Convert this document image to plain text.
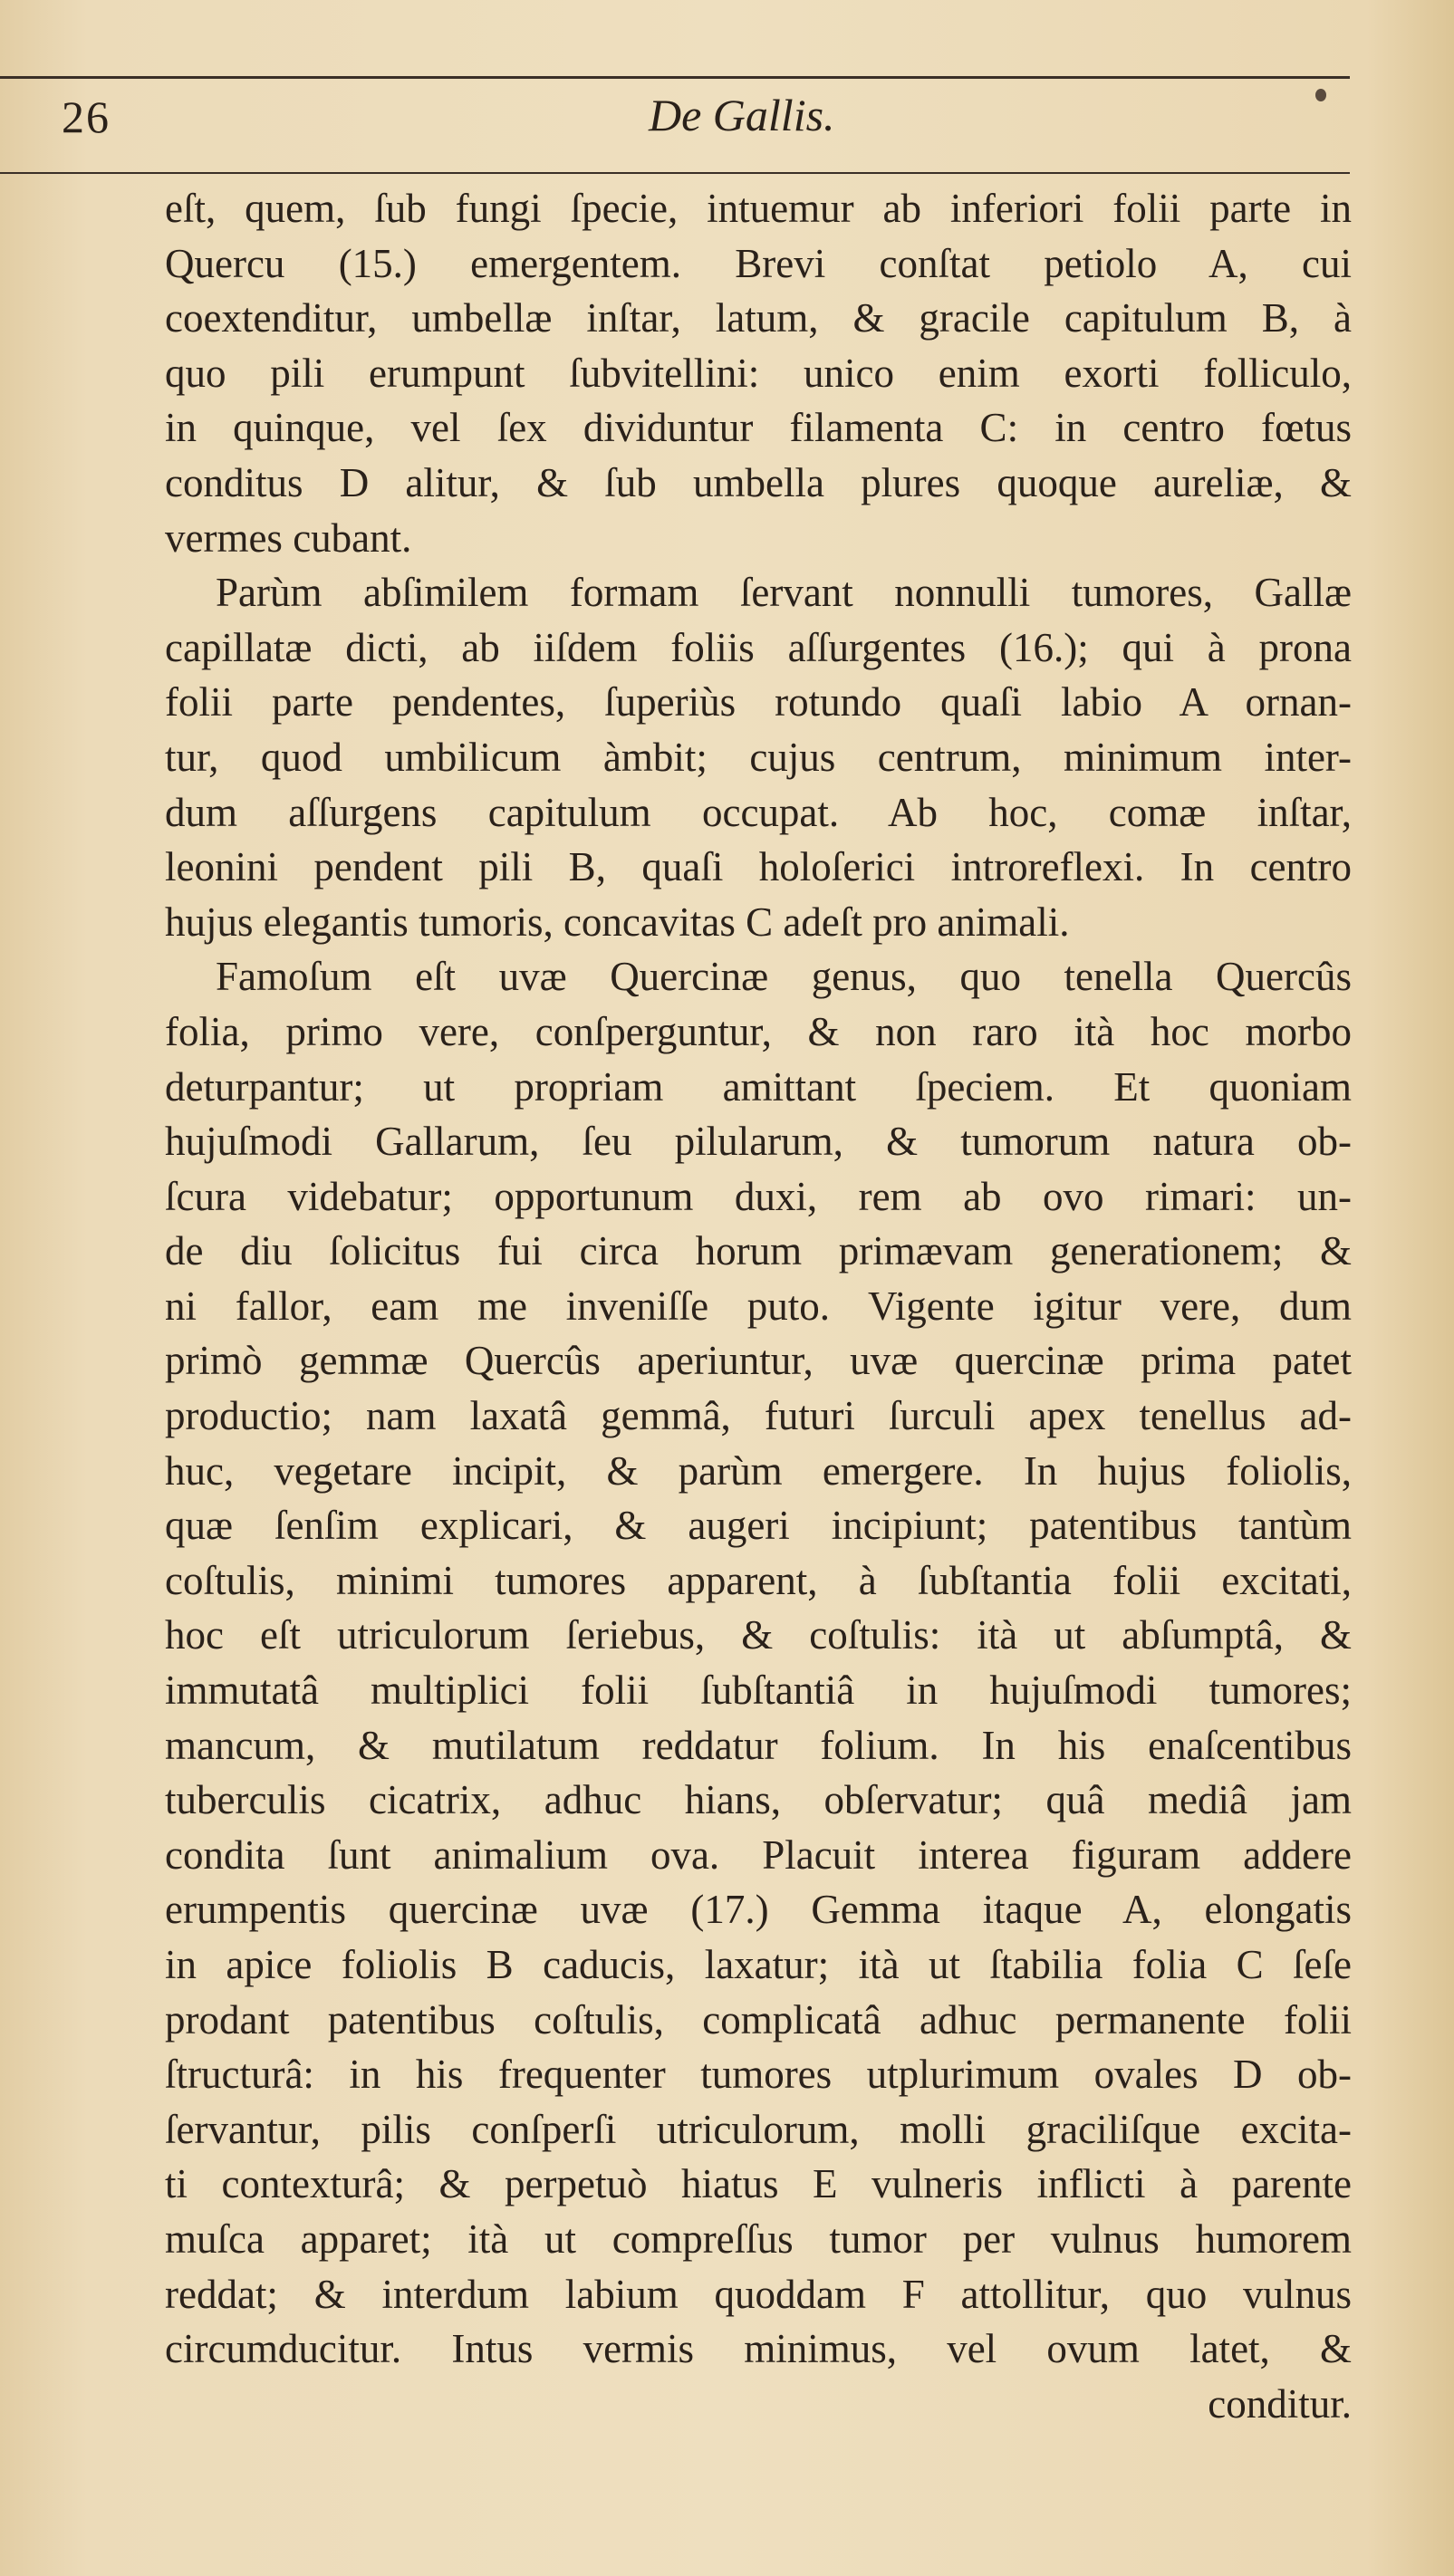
26	De Gallis.
eſt, quem, ſub fungi ſpecie, intuemur ab inferiori folii parte in
Quercu (15.) emergentem. Brevi conſtat petiolo A, cui
coextenditur, umbellæ inſtar, latum, & gracile capitulum B, à
quo pili erumpunt ſubvitellini: unico enim exorti folliculo,
in quinque, vel ſex dividuntur filamenta C: in centro fœtus
conditus D alitur, & ſub umbella plures quoque aureliæ, &
vermes cubant.
Parùm abſimilem formam ſervant nonnulli tumores, Gallæ
capillatæ dicti, ab iiſdem foliis aſſurgentes (16.); qui à prona
folii parte pendentes, ſuperiùs rotundo quaſi labio A ornan-
tur, quod umbilicum àmbit; cujus centrum, minimum inter-
dum aſſurgens capitulum occupat. Ab hoc, comæ inſtar,
leonini pendent pili B, quaſi holoſerici introreflexi. In centro
hujus elegantis tumoris, concavitas C adeſt pro animali.
Famoſum eſt uvæ Quercinæ genus, quo tenella Quercûs
folia, primo vere, conſperguntur, & non raro ità hoc morbo
deturpantur; ut propriam amittant ſpeciem. Et quoniam
hujuſmodi Gallarum, ſeu pilularum, & tumorum natura ob-
ſcura videbatur; opportunum duxi, rem ab ovo rimari: un-
de diu ſolicitus fui circa horum primævam generationem; &
ni fallor, eam me inveniſſe puto. Vigente igitur vere, dum
primò gemmæ Quercûs aperiuntur, uvæ quercinæ prima patet
productio; nam laxatâ gemmâ, futuri ſurculi apex tenellus ad-
huc, vegetare incipit, & parùm emergere. In hujus foliolis,
quæ ſenſim explicari, & augeri incipiunt; patentibus tantùm
coſtulis, minimi tumores apparent, à ſubſtantia folii excitati,
hoc eſt utriculorum ſeriebus, & coſtulis: ità ut abſumptâ, &
immutatâ multiplici folii ſubſtantiâ in hujuſmodi tumores;
mancum, & mutilatum reddatur folium. In his enaſcentibus
tuberculis cicatrix, adhuc hians, obſervatur; quâ mediâ jam
condita ſunt animalium ova. Placuit interea figuram addere
erumpentis quercinæ uvæ (17.) Gemma itaque A, elongatis
in apice foliolis B caducis, laxatur; ità ut ſtabilia folia C ſeſe
prodant patentibus coſtulis, complicatâ adhuc permanente folii
ſtructurâ: in his frequenter tumores utplurimum ovales D ob-
ſervantur, pilis conſperſi utriculorum, molli graciliſque excita-
ti contexturâ; & perpetuò hiatus E vulneris inflicti à parente
muſca apparet; ità ut compreſſus tumor per vulnus humorem
reddat; & interdum labium quoddam F attollitur, quo vulnus
circumducitur. Intus vermis minimus, vel ovum latet, &
conditur.
